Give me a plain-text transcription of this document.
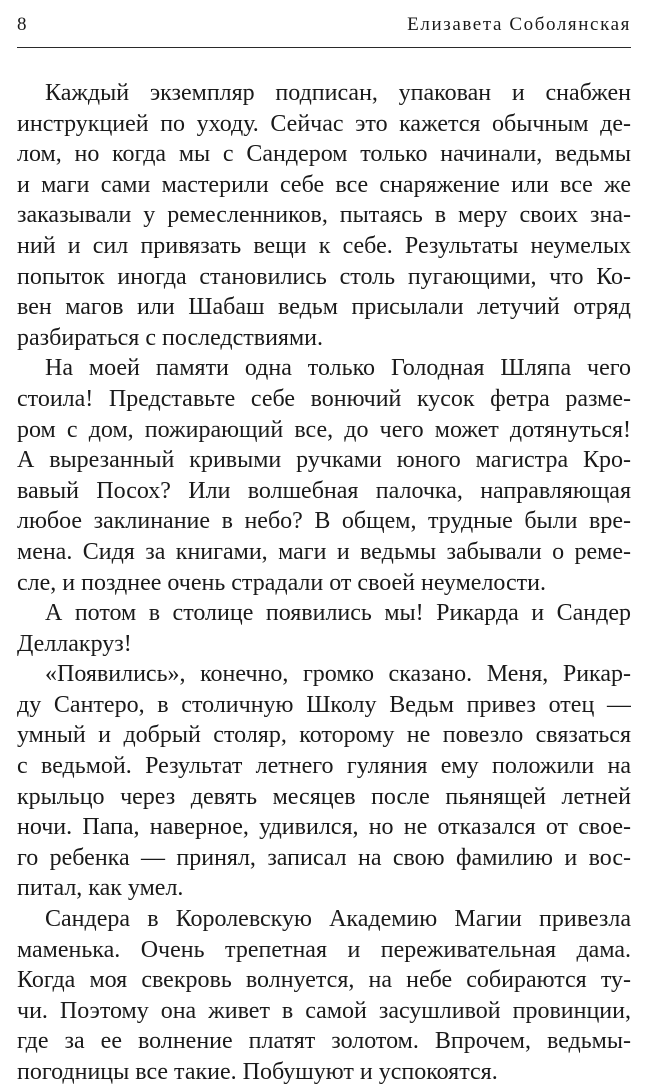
8	Елизавета Соболянская
Каждый экземпляр подписан, упакован и снабжен
инструкцией по уходу. Сейчас это кажется обычным де-
лом, но когда мы с Сандером только начинали, ведьмы
и маги сами мастерили себе все снаряжение или все же
заказывали у ремесленников, пытаясь в меру своих зна-
ний и сил привязать вещи к себе. Результаты неумелых
попыток иногда становились столь пугающими, что Ко-
вен магов или Шабаш ведьм присылали летучий отряд
разбираться с последствиями.
На моей памяти одна только Голодная Шляпа чего
стоила! Представьте себе вонючий кусок фетра разме-
ром с дом, пожирающий все, до чего может дотянуться!
А вырезанный кривыми ручками юного магистра Кро-
вавый Посох? Или волшебная палочка, направляющая
любое заклинание в небо? В общем, трудные были вре-
мена. Сидя за книгами, маги и ведьмы забывали о реме-
сле, и позднее очень страдали от своей неумелости.
А потом в столице появились мы! Рикарда и Сандер
Деллакруз!
«Появились», конечно, громко сказано. Меня, Рикар-
ду Сантеро, в столичную Школу Ведьм привез отец —
умный и добрый столяр, которому не повезло связаться
с ведьмой. Результат летнего гуляния ему положили на
крыльцо через девять месяцев после пьянящей летней
ночи. Папа, наверное, удивился, но не отказался от свое-
го ребенка — принял, записал на свою фамилию и вос-
питал, как умел.
Сандера в Королевскую Академию Магии привезла
маменька. Очень трепетная и переживательная дама.
Когда моя свекровь волнуется, на небе собираются ту-
чи. Поэтому она живет в самой засушливой провинции,
где за ее волнение платят золотом. Впрочем, ведьмы-
погодницы все такие. Побушуют и успокоятся.
